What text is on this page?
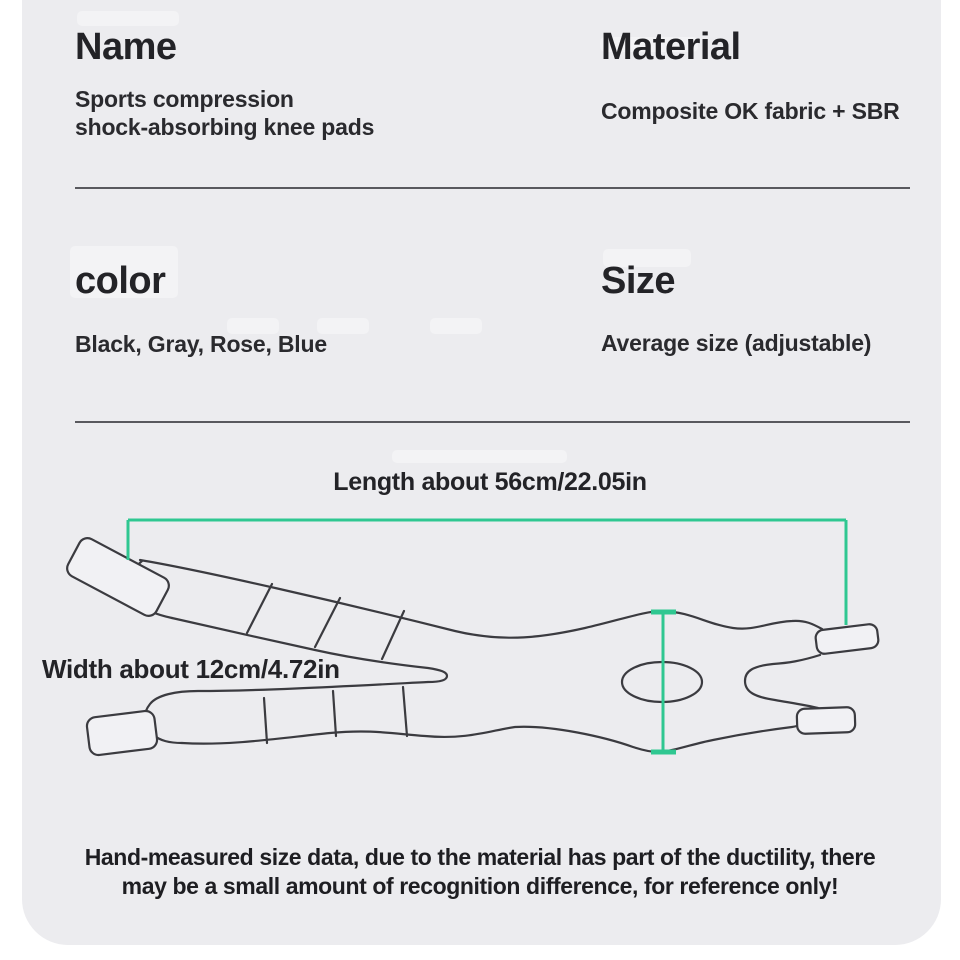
Name
Sports compression
shock-absorbing knee pads
Material
Composite OK fabric + SBR
color
Black, Gray, Rose, Blue
Size
Average size (adjustable)
Length about 56cm/22.05in
Width about 12cm/4.72in
Hand-measured size data, due to the material has part of the ductility, there
may be a small amount of recognition difference, for reference only!
